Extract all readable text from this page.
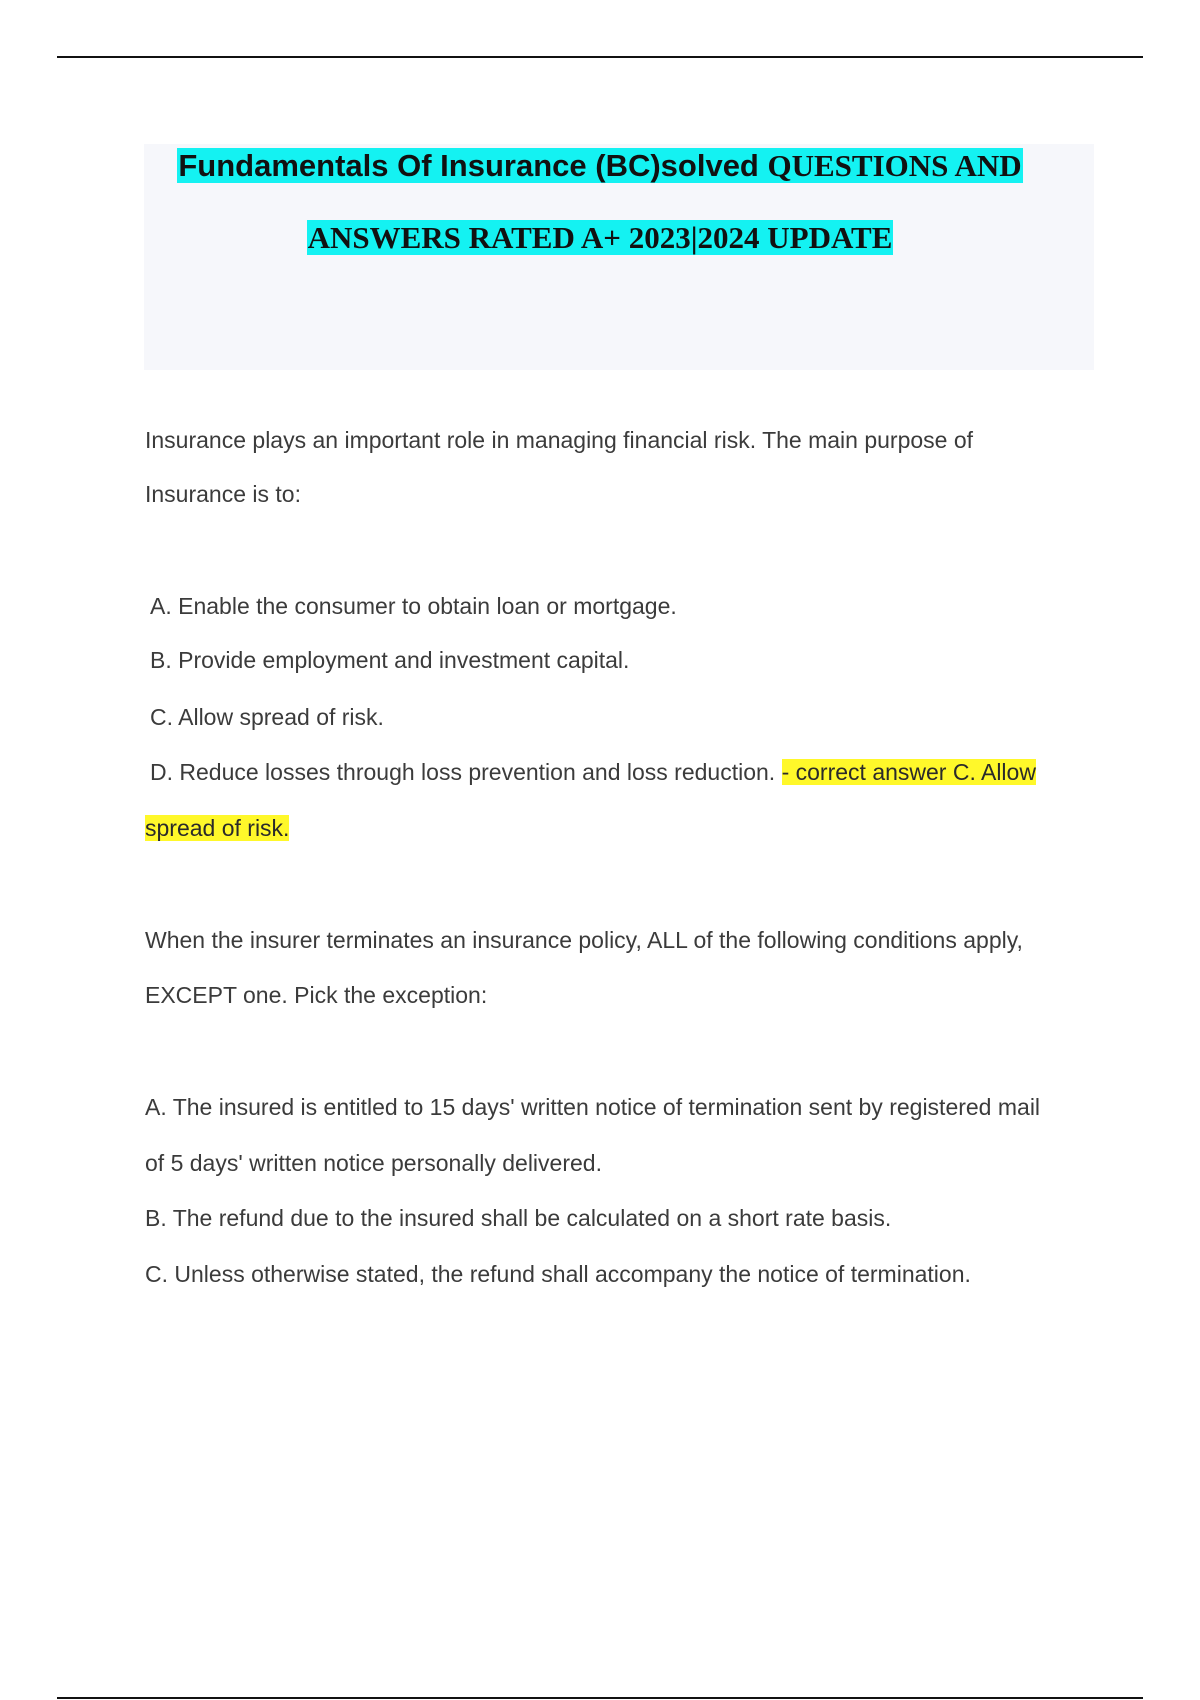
Fundamentals Of Insurance (BC)solved QUESTIONS AND
ANSWERS RATED A+ 2023|2024 UPDATE
Insurance plays an important role in managing financial risk. The main purpose of
Insurance is to:
A. Enable the consumer to obtain loan or mortgage.
B. Provide employment and investment capital.
C. Allow spread of risk.
D. Reduce losses through loss prevention and loss reduction. - correct answer C. Allow
spread of risk.
When the insurer terminates an insurance policy, ALL of the following conditions apply,
EXCEPT one. Pick the exception:
A. The insured is entitled to 15 days' written notice of termination sent by registered mail
of 5 days' written notice personally delivered.
B. The refund due to the insured shall be calculated on a short rate basis.
C. Unless otherwise stated, the refund shall accompany the notice of termination.
